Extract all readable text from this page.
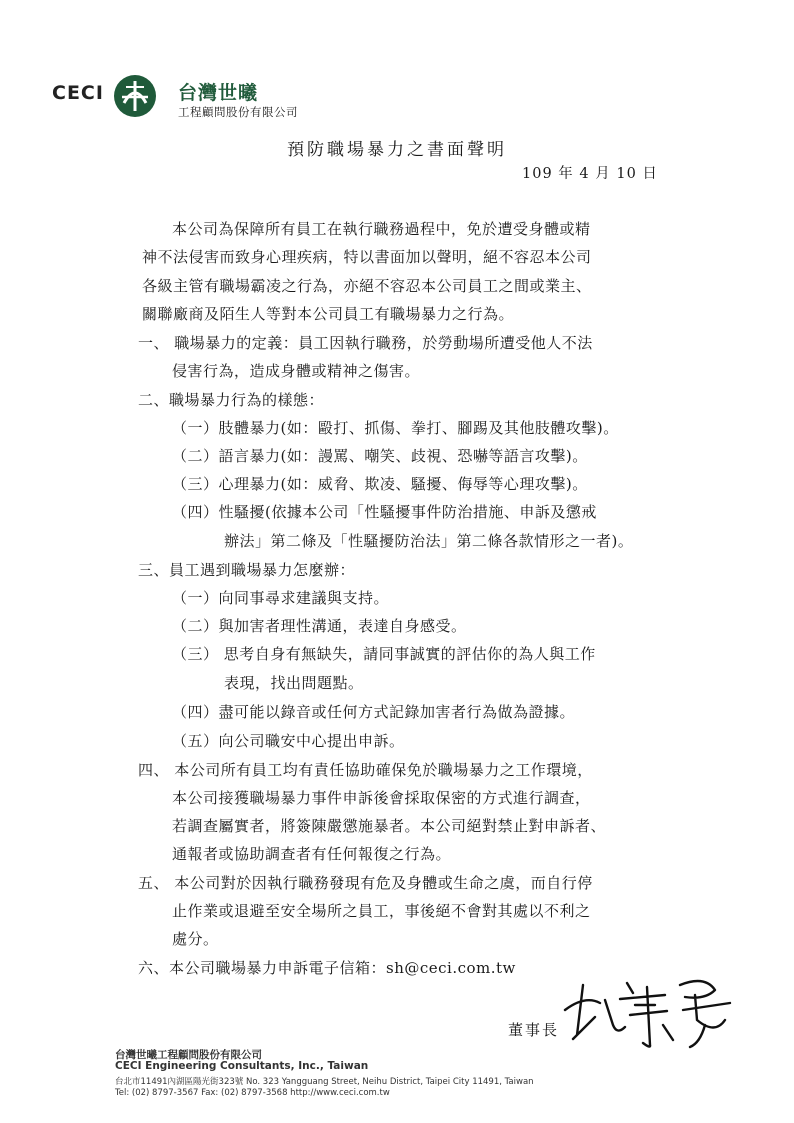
CECI	台灣世曦
工程顧問股份有限公司
預防職場暴力之書面聲明
109 年 4 月 10 日
本公司為保障所有員工在執行職務過程中，免於遭受身體或精
神不法侵害而致身心理疾病，特以書面加以聲明，絕不容忍本公司
各級主管有職場霸凌之行為，亦絕不容忍本公司員工之間或業主、
關聯廠商及陌生人等對本公司員工有職場暴力之行為。
一、 職場暴力的定義：員工因執行職務，於勞動場所遭受他人不法
侵害行為，造成身體或精神之傷害。
二、職場暴力行為的樣態：
（一）肢體暴力(如：毆打、抓傷、拳打、腳踢及其他肢體攻擊)。
（二）語言暴力(如：謾罵、嘲笑、歧視、恐嚇等語言攻擊)。
（三）心理暴力(如：威脅、欺凌、騷擾、侮辱等心理攻擊)。
（四）性騷擾(依據本公司「性騷擾事件防治措施、申訴及懲戒
辦法」第二條及「性騷擾防治法」第二條各款情形之一者)。
三、員工遇到職場暴力怎麼辦：
（一）向同事尋求建議與支持。
（二）與加害者理性溝通，表達自身感受。
（三） 思考自身有無缺失，請同事誠實的評估你的為人與工作
表現，找出問題點。
（四）盡可能以錄音或任何方式記錄加害者行為做為證據。
（五）向公司職安中心提出申訴。
四、 本公司所有員工均有責任協助確保免於職場暴力之工作環境，
本公司接獲職場暴力事件申訴後會採取保密的方式進行調查，
若調查屬實者，將簽陳嚴懲施暴者。本公司絕對禁止對申訴者、
通報者或協助調查者有任何報復之行為。
五、 本公司對於因執行職務發現有危及身體或生命之虞，而自行停
止作業或退避至安全場所之員工，事後絕不會對其處以不利之
處分。
六、本公司職場暴力申訴電子信箱：sh@ceci.com.tw
董事長
台灣世曦工程顧問股份有限公司
CECI Engineering Consultants, Inc., Taiwan
台北市11491內湖區陽光街323號 No. 323 Yangguang Street, Neihu District, Taipei City 11491, Taiwan
Tel: (02) 8797-3567 Fax: (02) 8797-3568 http://www.ceci.com.tw
